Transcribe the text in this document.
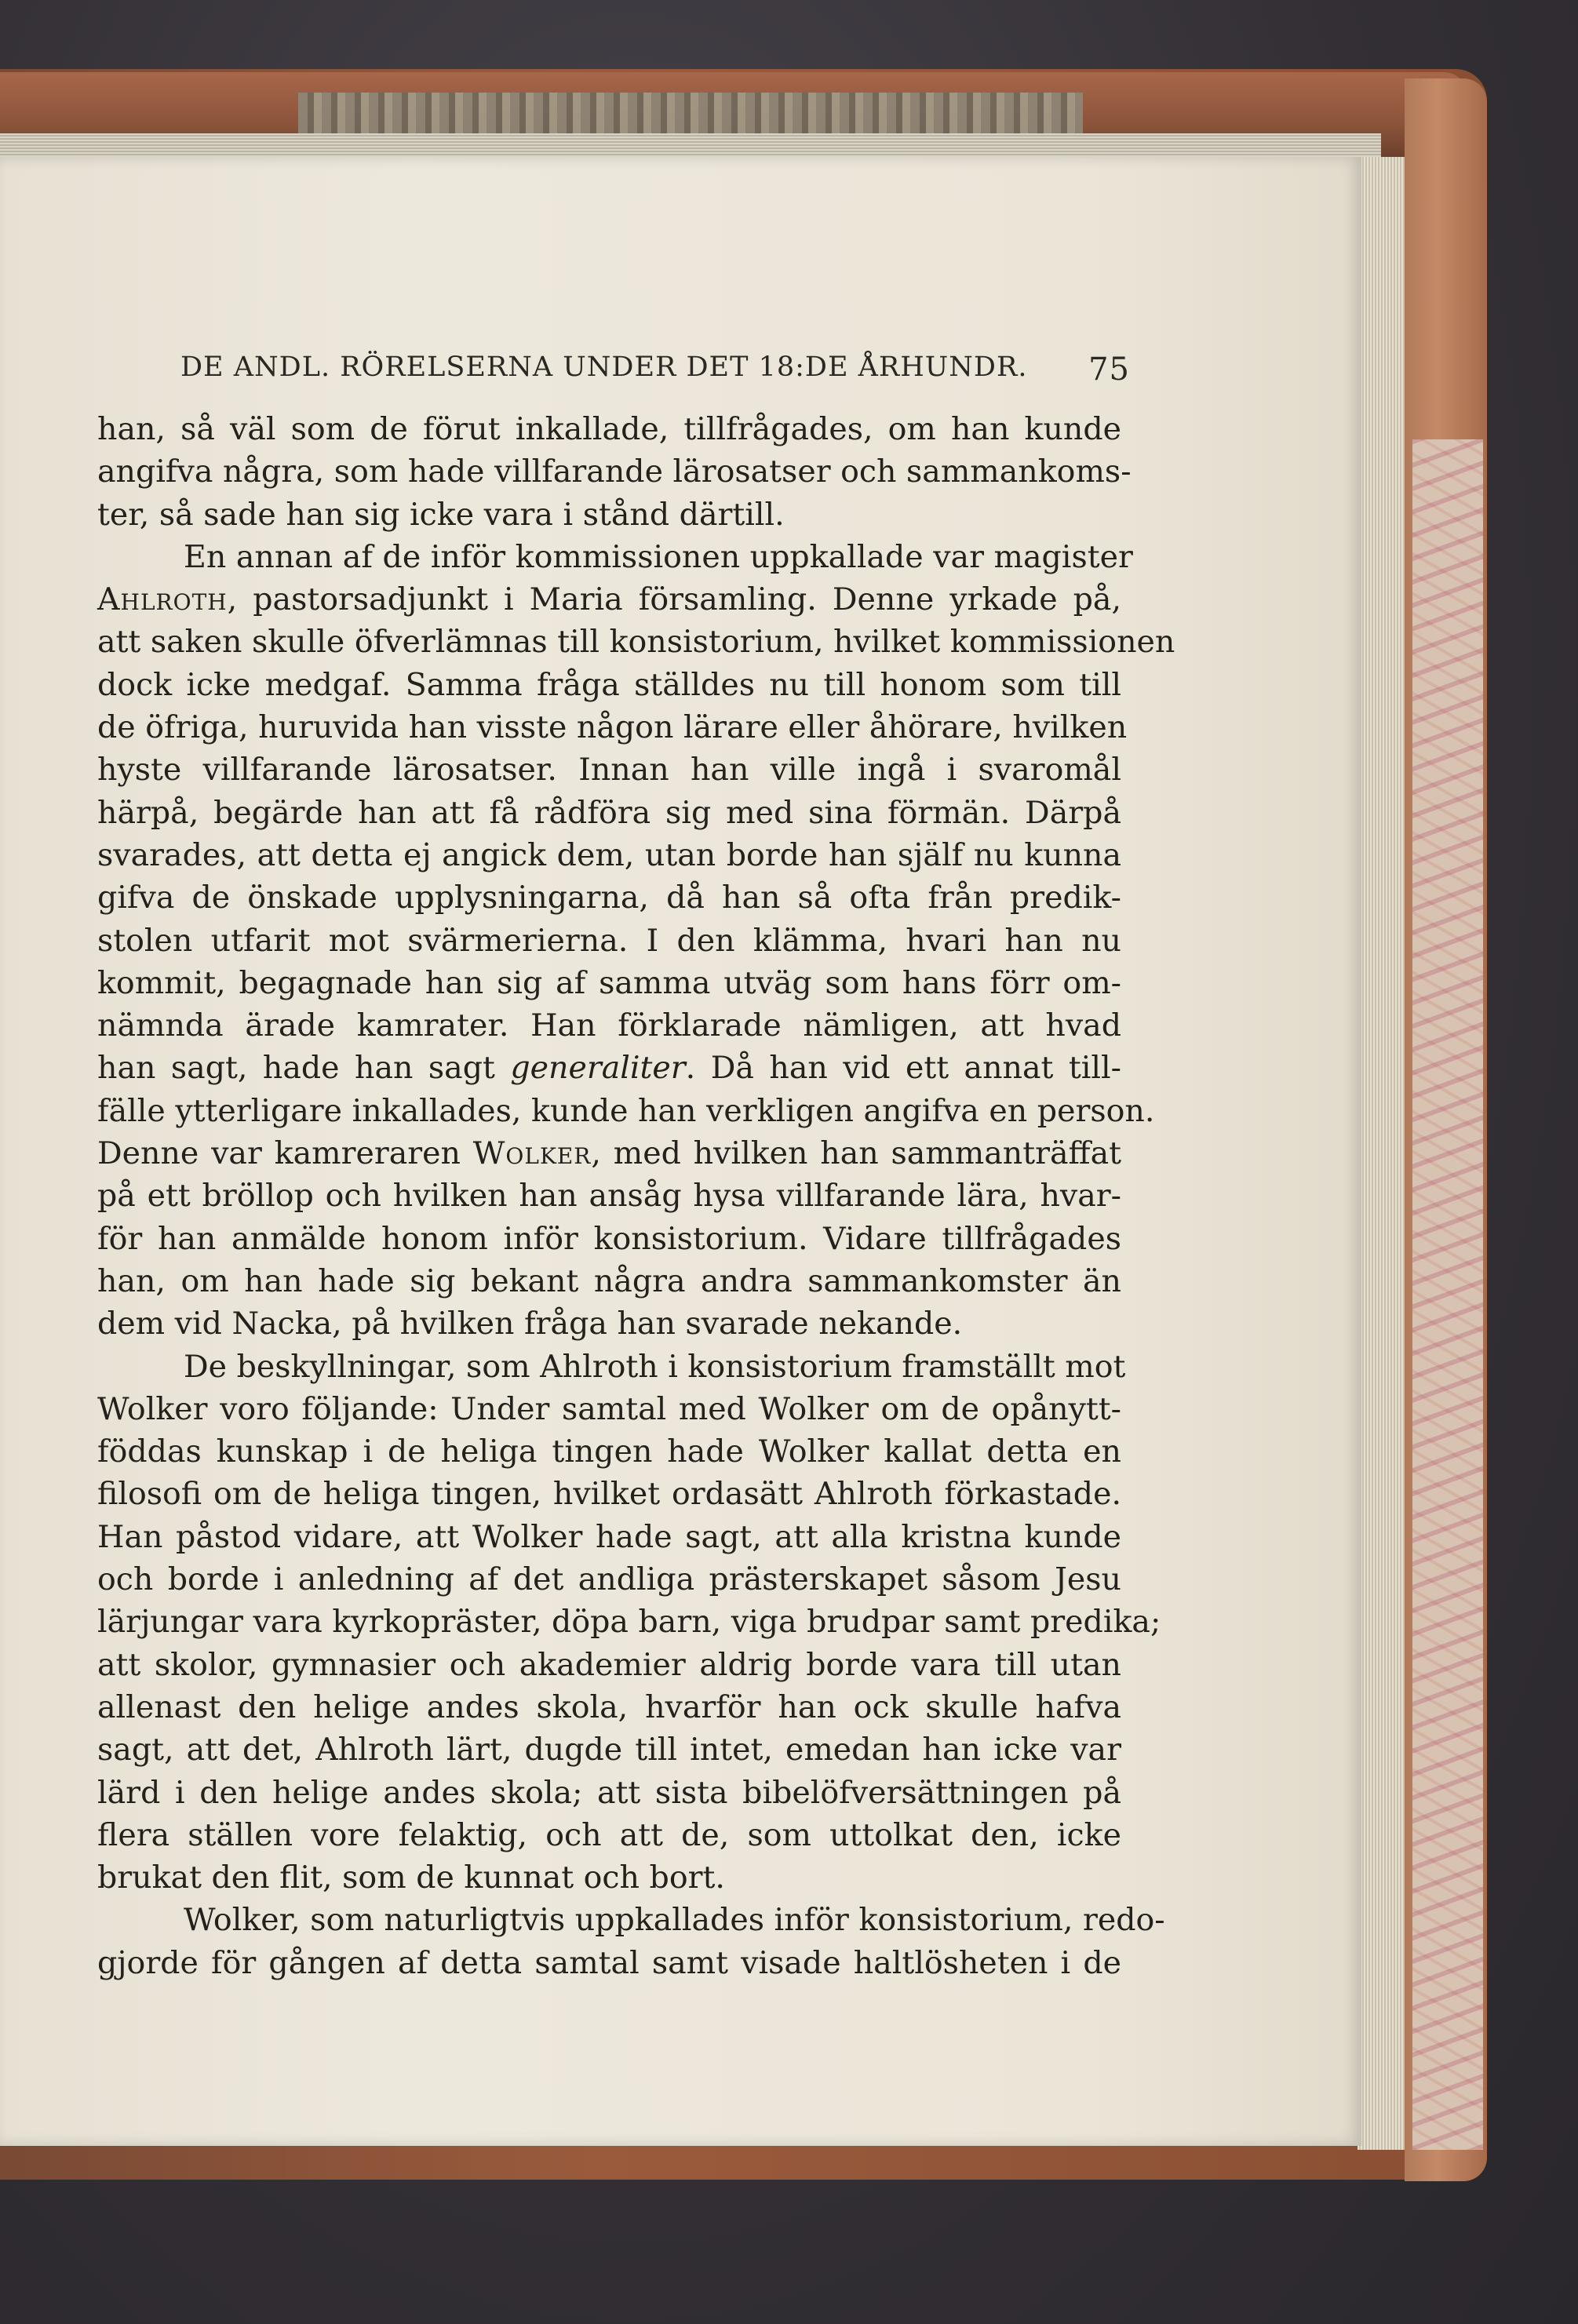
DE ANDL. RÖRELSERNA UNDER DET 18:DE ÅRHUNDR. 75
han, så väl som de förut inkallade, tillfrågades, om han kunde
angifva några, som hade villfarande lärosatser och sammankoms-
ter, så sade han sig icke vara i stånd därtill.
En annan af de inför kommissionen uppkallade var magister
Ahlroth, pastorsadjunkt i Maria församling. Denne yrkade på,
att saken skulle öfverlämnas till konsistorium, hvilket kommissionen
dock icke medgaf. Samma fråga ställdes nu till honom som till
de öfriga, huruvida han visste någon lärare eller åhörare, hvilken
hyste villfarande lärosatser. Innan han ville ingå i svaromål
härpå, begärde han att få rådföra sig med sina förmän. Därpå
svarades, att detta ej angick dem, utan borde han själf nu kunna
gifva de önskade upplysningarna, då han så ofta från predik-
stolen utfarit mot svärmerierna. I den klämma, hvari han nu
kommit, begagnade han sig af samma utväg som hans förr om-
nämnda ärade kamrater. Han förklarade nämligen, att hvad
han sagt, hade han sagt generaliter. Då han vid ett annat till-
fälle ytterligare inkallades, kunde han verkligen angifva en person.
Denne var kamreraren Wolker, med hvilken han sammanträffat
på ett bröllop och hvilken han ansåg hysa villfarande lära, hvar-
för han anmälde honom inför konsistorium. Vidare tillfrågades
han, om han hade sig bekant några andra sammankomster än
dem vid Nacka, på hvilken fråga han svarade nekande.
De beskyllningar, som Ahlroth i konsistorium framställt mot
Wolker voro följande: Under samtal med Wolker om de opånytt-
föddas kunskap i de heliga tingen hade Wolker kallat detta en
filosofi om de heliga tingen, hvilket ordasätt Ahlroth förkastade.
Han påstod vidare, att Wolker hade sagt, att alla kristna kunde
och borde i anledning af det andliga prästerskapet såsom Jesu
lärjungar vara kyrkopräster, döpa barn, viga brudpar samt predika;
att skolor, gymnasier och akademier aldrig borde vara till utan
allenast den helige andes skola, hvarför han ock skulle hafva
sagt, att det, Ahlroth lärt, dugde till intet, emedan han icke var
lärd i den helige andes skola; att sista bibelöfversättningen på
flera ställen vore felaktig, och att de, som uttolkat den, icke
brukat den flit, som de kunnat och bort.
Wolker, som naturligtvis uppkallades inför konsistorium, redo-
gjorde för gången af detta samtal samt visade haltlösheten i de
